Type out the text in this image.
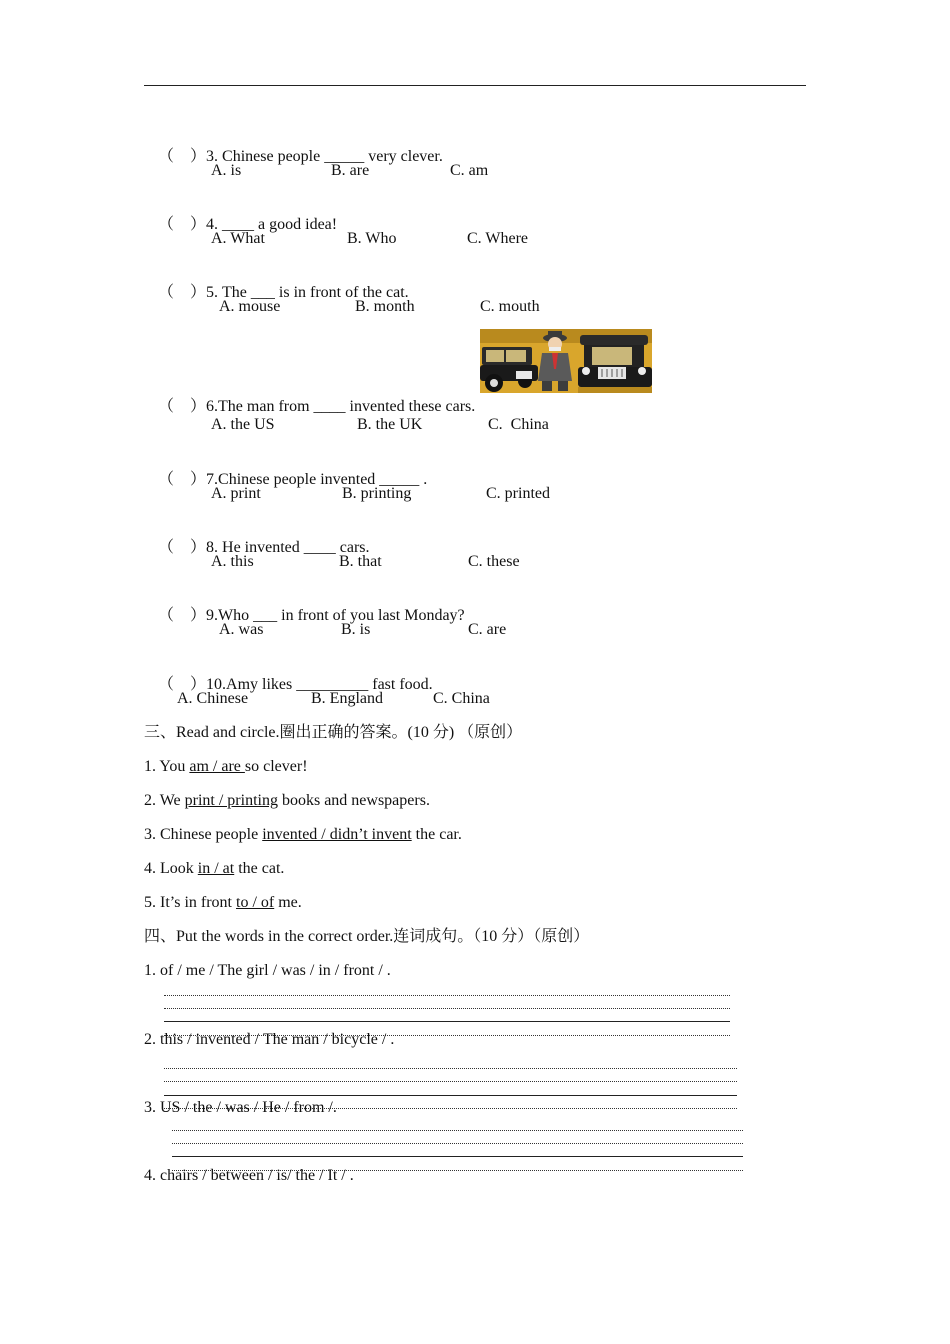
（    ）3. Chinese people _____ very clever.

A. is	B. are	C. am

（    ）4. ____ a good idea!

A. What	B. Who	C. Where

（    ）5. The ___ is in front of the cat.

A. mouse	B. month	C. mouth

（    ）6.The man from ____ invented these cars.

A. the US	B. the UK	C.  China

（    ）7.Chinese people invented _____ .

A. print	B. printing	C. printed

（    ）8. He invented ____ cars.

A. this	B. that	C. these

（    ）9.Who ___ in front of you last Monday?

A. was	B. is	C. are

（    ）10.Amy likes _________ fast food.

A. Chinese	B. England	C. China
三、Read and circle.圈出正确的答案。(10 分) （原创）
1. You am / are so clever!
2. We print / printing books and newspapers.
3. Chinese people invented / didn’t invent the car.
4. Look in / at the cat.
5. It’s in front to / of me.
四、Put the words in the correct order.连词成句。（10 分）（原创）
1. of / me / The girl / was / in / front / .
2. this / invented / The man / bicycle / .
3. US / the / was / He / from /.
4. chairs / between / is/ the / It / .
